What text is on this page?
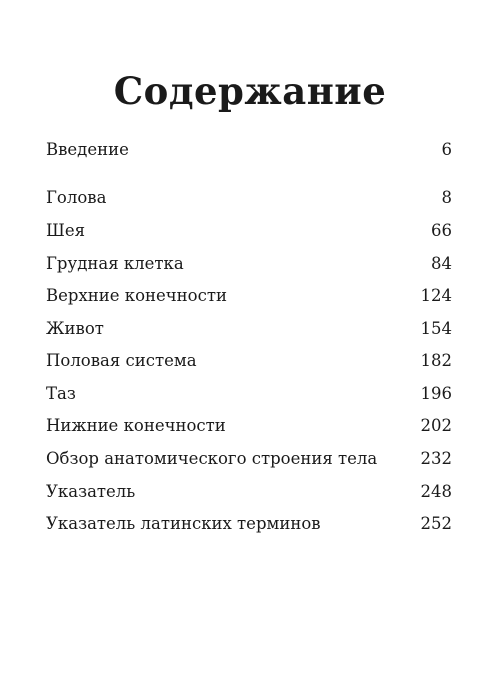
Содержание
Введение	6
Голова	8
Шея	66
Грудная клетка	84
Верхние конечности	124
Живот	154
Половая система	182
Таз	196
Нижние конечности	202
Обзор анатомического строения тела	232
Указатель	248
Указатель латинских терминов	252
